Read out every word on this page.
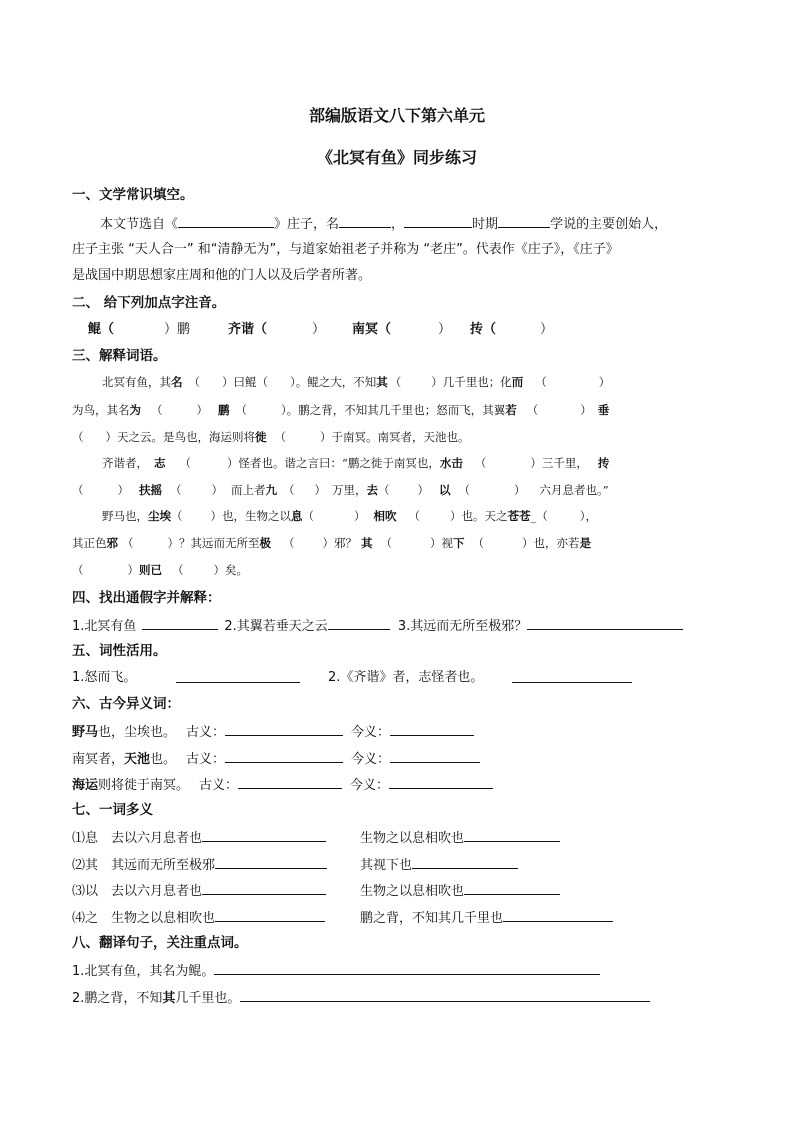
部编版语文八下第六单元
《北冥有鱼》同步练习
一、文学常识填空。
本文节选自《	》庄子，名	，	时期	学说的主要创始人，
庄子主张 “天人合一” 和“清静无为”，与道家始祖老子并称为 “老庄”。代表作《庄子》，《庄子》
是战国中期思想家庄周和他的门人以及后学者所著。
二、 给下列加点字注音。
鲲（	）鹏	齐谐（	） 南冥（	） 抟（	）
三、解释词语。
北冥有鱼，其名 （ ）曰鲲（ ）。鲲之大，不知其 （	）几千里也；化而 （	）
为鸟，其名为 （	） 鹏 （	）。鹏之背，不知其几千里也；怒而飞，其翼若 （	） 垂
（ ）天之云。是鸟也，海运则将徙 （	）于南冥。南冥者，天池也。
齐谐者， 志 （	）怪者也。谐之言曰：“鹏之徙于南冥也，水击 （	）三千里， 抟
（	） 扶摇 （	） 而上者九 （ ） 万里，去（ ） 以 （	） 六月息者也。”
野马也，尘埃（ ）也，生物之以息（	） 相吹 （	）也。天之苍苍_（	），
其正色邪 （	）？其远而无所至极 （ ）邪？ 其 （	）视下 （	）也，亦若是
（	）则已 （	）矣。
四、找出通假字并解释：
1.北冥有鱼	2.其翼若垂天之云	3.其远而无所至极邪？
五、词性活用。
1.怒而飞。	2.《齐谐》者，志怪者也。
六、古今异义词：
野马也，尘埃也。 古义：	今义：
南冥者，天池也。 古义：	今义：
海运则将徙于南冥。 古义：	今义：
七、一词多义
⑴息　去以六月息者也	生物之以息相吹也
⑵其　其远而无所至极邪	其视下也
⑶以　去以六月息者也	生物之以息相吹也
⑷之　生物之以息相吹也	鹏之背，不知其几千里也
八、翻译句子，关注重点词。
1.北冥有鱼，其名为鲲。
2.鹏之背，不知其几千里也。
